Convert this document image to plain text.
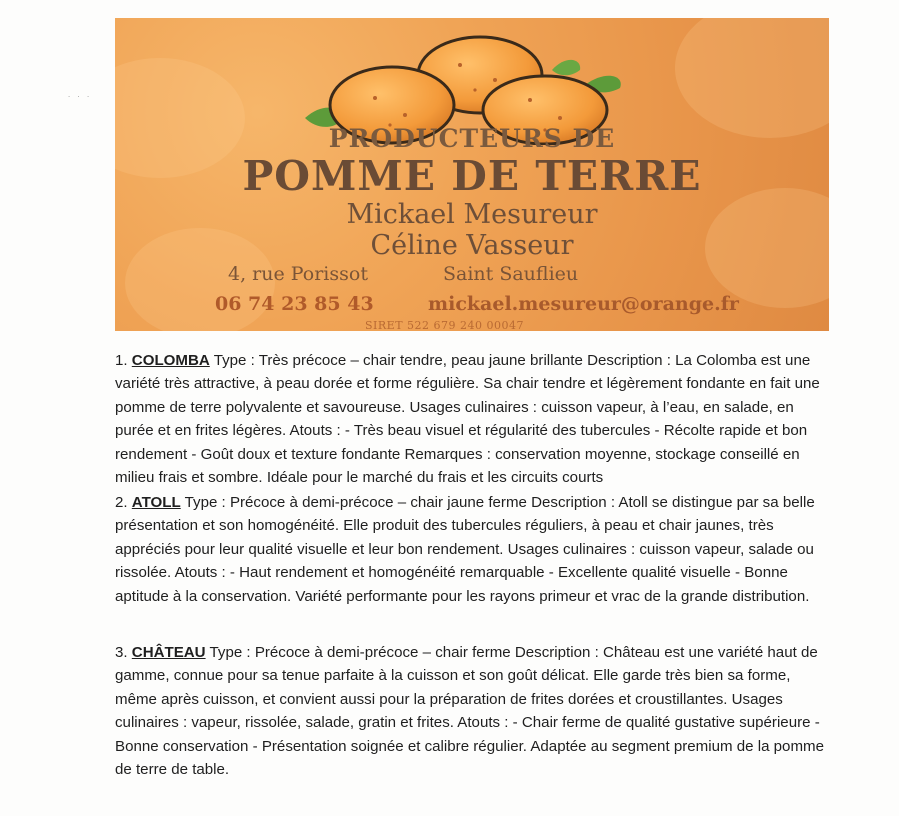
˙ ˙ ˙
PRODUCTEURS DE
POMME DE TERRE
Mickael Mesureur
Céline Vasseur
4, rue Porissot	Saint Sauflieu
06 74 23 85 43	mickael.mesureur@orange.fr
SIRET 522 679 240 00047

1. COLOMBA Type : Très précoce – chair tendre, peau jaune brillante Description : La Colomba est une variété très attractive, à peau dorée et forme régulière. Sa chair tendre et légèrement fondante en fait une pomme de terre polyvalente et savoureuse. Usages culinaires : cuisson vapeur, à l’eau, en salade, en purée et en frites légères. Atouts : - Très beau visuel et régularité des tubercules - Récolte rapide et bon rendement - Goût doux et texture fondante Remarques : conservation moyenne, stockage conseillé en milieu frais et sombre. Idéale pour le marché du frais et les circuits courts

2. ATOLL Type : Précoce à demi-précoce – chair jaune ferme Description : Atoll se distingue par sa belle présentation et son homogénéité. Elle produit des tubercules réguliers, à peau et chair jaunes, très appréciés pour leur qualité visuelle et leur bon rendement. Usages culinaires : cuisson vapeur, salade ou rissolée. Atouts : - Haut rendement et homogénéité remarquable - Excellente qualité visuelle - Bonne aptitude à la conservation. Variété performante pour les rayons primeur et vrac de la grande distribution.

3. CHÂTEAU Type : Précoce à demi-précoce – chair ferme Description : Château est une variété haut de gamme, connue pour sa tenue parfaite à la cuisson et son goût délicat. Elle garde très bien sa forme, même après cuisson, et convient aussi pour la préparation de frites dorées et croustillantes. Usages culinaires : vapeur, rissolée, salade, gratin et frites. Atouts : - Chair ferme de qualité gustative supérieure - Bonne conservation - Présentation soignée et calibre régulier. Adaptée au segment premium de la pomme de terre de table.
